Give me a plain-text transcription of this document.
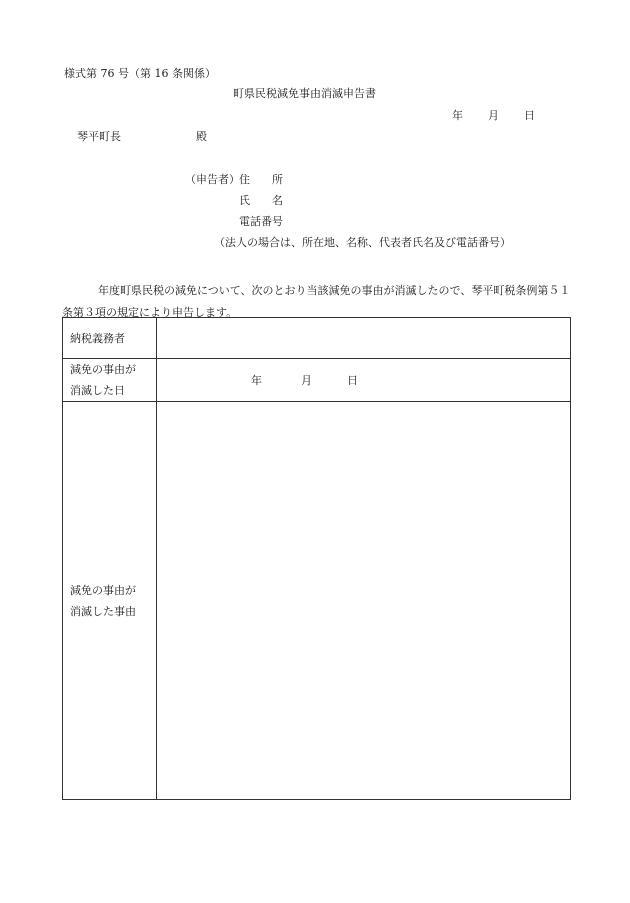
様式第 76 号（第 16 条関係）
町県民税減免事由消滅申告書
年 月 日
琴平町長	殿
（申告者） 住　　所
氏　　名
電話番号
（法人の場合は、所在地、名称、代表者氏名及び電話番号）
年度町県民税の減免について、次のとおり当該減免の事由が消滅したので、琴平町税条例第５１条第３項の規定により申告します。
納税義務者	

減免の事由が
消滅した日	年 月 日

減免の事由が
消滅した事由	
